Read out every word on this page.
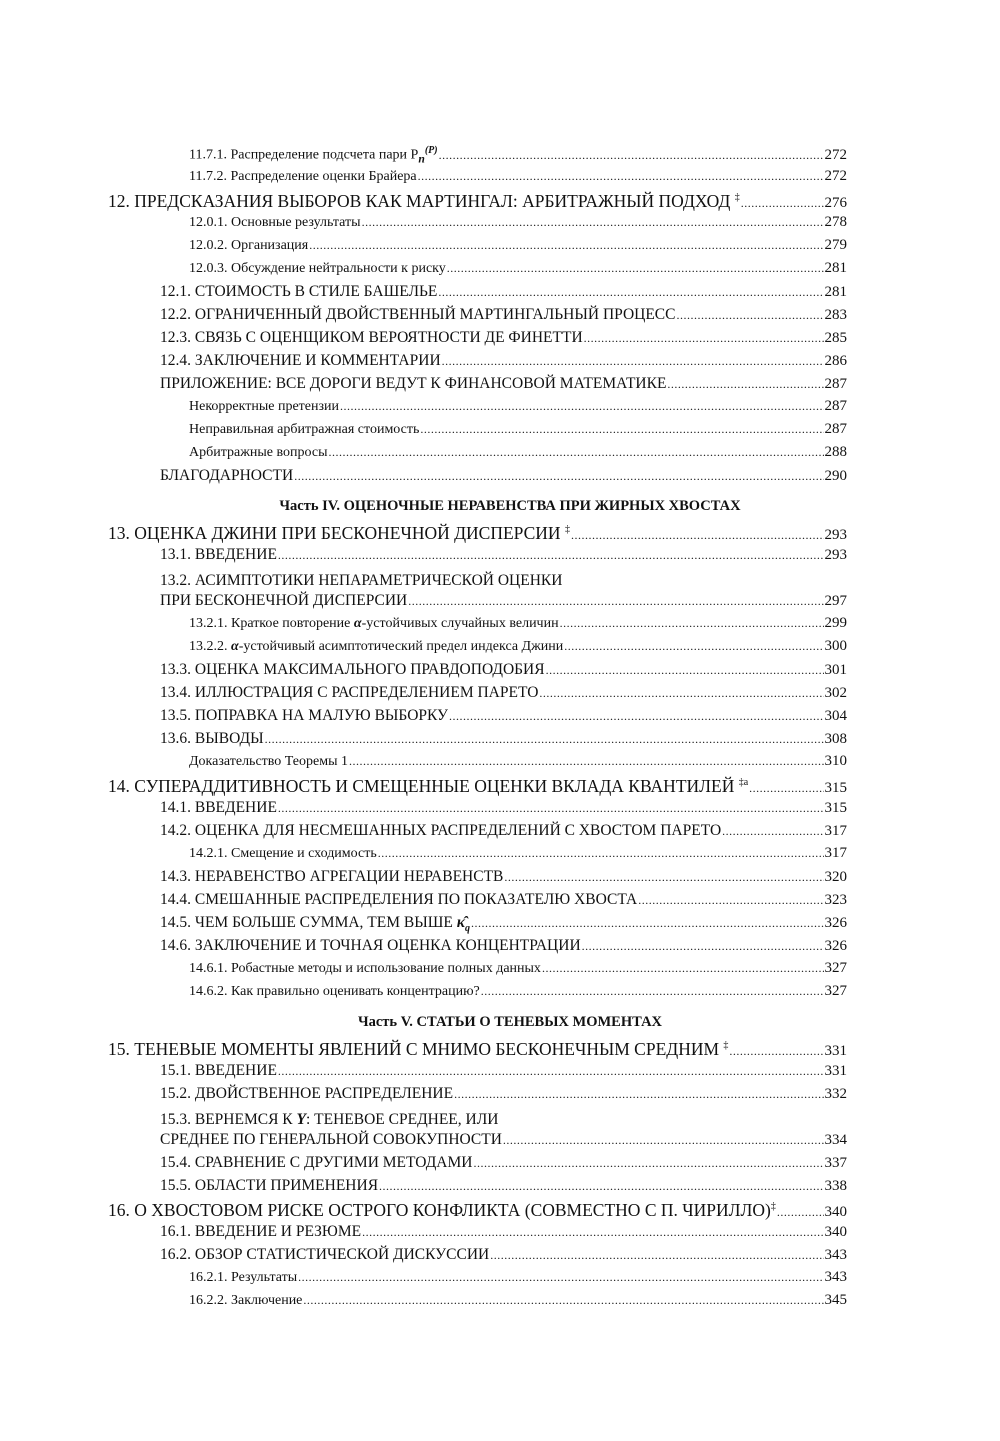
11.7.1. Распределение подсчета пари $P_n^{(P)}$ .....	272
11.7.2. Распределение оценки Брайера .....	272
12. ПРЕДСКАЗАНИЯ ВЫБОРОВ КАК МАРТИНГАЛ: АРБИТРАЖНЫЙ ПОДХОД ‡ .....	276
12.0.1. Основные результаты .....	278
12.0.2. Организация .....	279
12.0.3. Обсуждение нейтральности к риску .....	281
12.1. СТОИМОСТЬ В СТИЛЕ БАШЕЛЬЕ .....	281
12.2. ОГРАНИЧЕННЫЙ ДВОЙСТВЕННЫЙ МАРТИНГАЛЬНЫЙ ПРОЦЕСС .....	283
12.3. СВЯЗЬ С ОЦЕНЩИКОМ ВЕРОЯТНОСТИ ДЕ ФИНЕТТИ .....	285
12.4. ЗАКЛЮЧЕНИЕ И КОММЕНТАРИИ .....	286
ПРИЛОЖЕНИЕ: ВСЕ ДОРОГИ ВЕДУТ К ФИНАНСОВОЙ МАТЕМАТИКЕ .....	287
Некорректные претензии .....	287
Неправильная арбитражная стоимость .....	287
Арбитражные вопросы .....	288
БЛАГОДАРНОСТИ .....	290
Часть IV. ОЦЕНОЧНЫЕ НЕРАВЕНСТВА ПРИ ЖИРНЫХ ХВОСТАХ
13. ОЦЕНКА ДЖИНИ ПРИ БЕСКОНЕЧНОЙ ДИСПЕРСИИ ‡ .....	293
13.1. ВВЕДЕНИЕ .....	293
13.2. АСИМПТОТИКИ НЕПАРАМЕТРИЧЕСКОЙ ОЦЕНКИ
ПРИ БЕСКОНЕЧНОЙ ДИСПЕРСИИ .....	297
13.2.1. Краткое повторение α-устойчивых случайных величин .....	299
13.2.2. α-устойчивый асимптотический предел индекса Джини .....	300
13.3. ОЦЕНКА МАКСИМАЛЬНОГО ПРАВДОПОДОБИЯ .....	301
13.4. ИЛЛЮСТРАЦИЯ С РАСПРЕДЕЛЕНИЕМ ПАРЕТО .....	302
13.5. ПОПРАВКА НА МАЛУЮ ВЫБОРКУ .....	304
13.6. ВЫВОДЫ .....	308
Доказательство Теоремы 1 .....	310
14. СУПЕРАДДИТИВНОСТЬ И СМЕЩЕННЫЕ ОЦЕНКИ ВКЛАДА КВАНТИЛЕЙ $^{\ddagger a}$ .....	315
14.1. ВВЕДЕНИЕ .....	315
14.2. ОЦЕНКА ДЛЯ НЕСМЕШАННЫХ РАСПРЕДЕЛЕНИЙ С ХВОСТОМ ПАРЕТО .....	317
14.2.1. Смещение и сходимость .....	317
14.3. НЕРАВЕНСТВО АГРЕГАЦИИ НЕРАВЕНСТВ .....	320
14.4. СМЕШАННЫЕ РАСПРЕДЕЛЕНИЯ ПО ПОКАЗАТЕЛЮ ХВОСТА .....	323
14.5. ЧЕМ БОЛЬШЕ СУММА, ТЕМ ВЫШЕ $\kappâ_q$ .....	326
14.6. ЗАКЛЮЧЕНИЕ И ТОЧНАЯ ОЦЕНКА КОНЦЕНТРАЦИИ .....	326
14.6.1. Робастные методы и использование полных данных .....	327
14.6.2. Как правильно оценивать концентрацию? .....	327
Часть V. СТАТЬИ О ТЕНЕВЫХ МОМЕНТАХ
15. ТЕНЕВЫЕ МОМЕНТЫ ЯВЛЕНИЙ С МНИМО БЕСКОНЕЧНЫМ СРЕДНИМ ‡ .....	331
15.1. ВВЕДЕНИЕ .....	331
15.2. ДВОЙСТВЕННОЕ РАСПРЕДЕЛЕНИЕ .....	332
15.3. ВЕРНЕМСЯ К Y: ТЕНЕВОЕ СРЕДНЕЕ, ИЛИ
СРЕДНЕЕ ПО ГЕНЕРАЛЬНОЙ СОВОКУПНОСТИ .....	334
15.4. СРАВНЕНИЕ С ДРУГИМИ МЕТОДАМИ .....	337
15.5. ОБЛАСТИ ПРИМЕНЕНИЯ .....	338
16. О ХВОСТОВОМ РИСКЕ ОСТРОГО КОНФЛИКТА (СОВМЕСТНО С П. ЧИРИЛЛО)‡ .....	340
16.1. ВВЕДЕНИЕ И РЕЗЮМЕ .....	340
16.2. ОБЗОР СТАТИСТИЧЕСКОЙ ДИСКУССИИ .....	343
16.2.1. Результаты .....	343
16.2.2. Заключение .....	345
